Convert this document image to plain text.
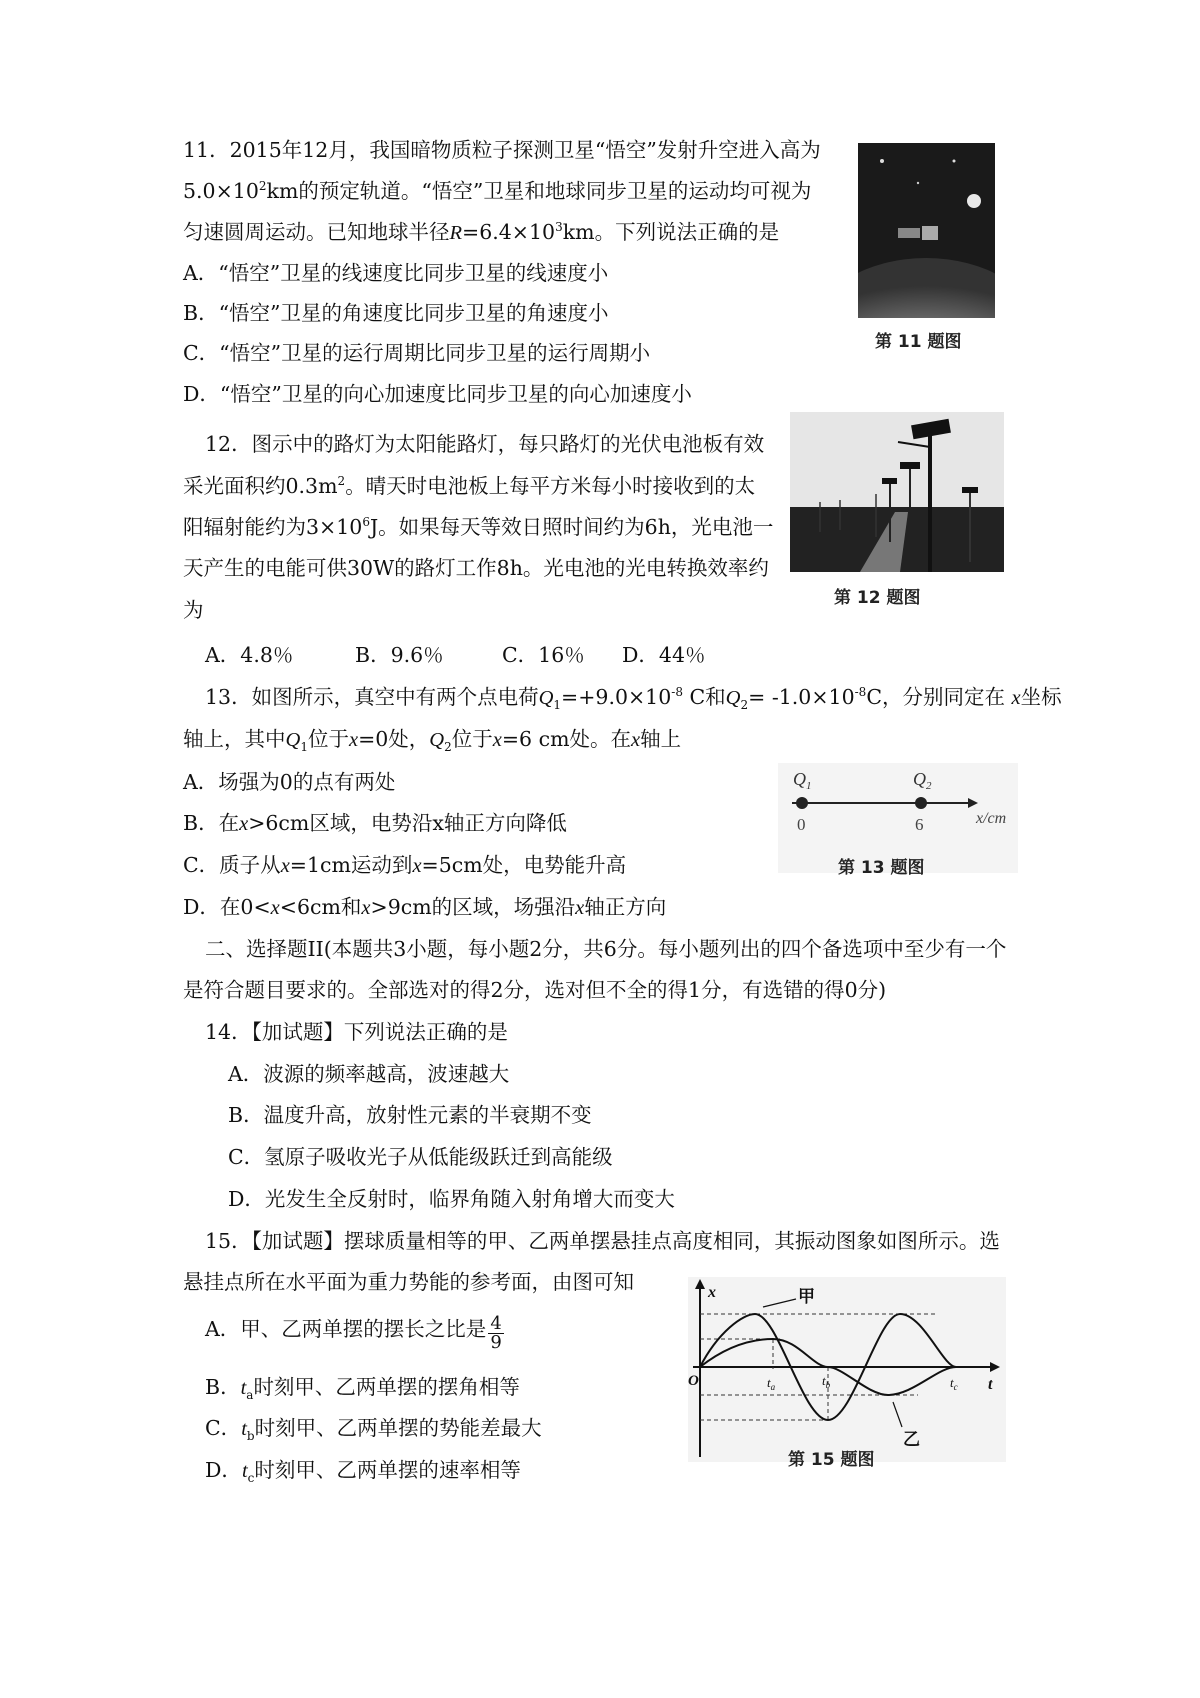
11．2015年12月，我国暗物质粒子探测卫星“悟空”发射升空进入高为
$5.0\times 10^2km$的预定轨道。“悟空”卫星和地球同步卫星的运动均可视为
匀速圆周运动。已知地球半径$R=6.4\times 10^3km$。下列说法正确的是
A．“悟空”卫星的线速度比同步卫星的线速度小
B．“悟空”卫星的角速度比同步卫星的角速度小
C．“悟空”卫星的运行周期比同步卫星的运行周期小
D．“悟空”卫星的向心加速度比同步卫星的向心加速度小
第 11 题图
12．图示中的路灯为太阳能路灯，每只路灯的光伏电池板有效
采光面积约$0.3m^2$。晴天时电池板上每平方米每小时接收到的太
阳辐射能约为$3\times 10^6J$。如果每天等效日照时间约为6h，光电池一
天产生的电能可供30W的路灯工作8h。光电池的光电转换效率约
为
A．4.8％	B．9.6％	C．16％ D．44％
第 12 题图
13．如图所示，真空中有两个点电荷$Q_1=+9.0\times 10^{-8}$ C和$Q_2= -1.0\times 10^{-8}C$，分别同定在 x坐标
轴上，其中$Q_1$位于x=0处，$Q_2$位于x=6 cm处。在x轴上
A．场强为0的点有两处
B．在x>6cm区域，电势沿x轴正方向降低
C．质子从x=1cm运动到x=5cm处，电势能升高
D．在0<x<6cm和x>9cm的区域，场强沿x轴正方向
$Q_1$	$Q_2$
0	6	x/cm
第 13 题图
二、选择题II(本题共3小题，每小题2分，共6分。每小题列出的四个备选项中至少有一个
是符合题目要求的。全部选对的得2分，选对但不全的得1分，有选错的得0分)
14．【加试题】下列说法正确的是
A．波源的频率越高，波速越大
B．温度升高，放射性元素的半衰期不变
C．氢原子吸收光子从低能级跃迁到高能级
D．光发生全反射时，临界角随入射角增大而变大
15．【加试题】摆球质量相等的甲、乙两单摆悬挂点高度相同，其振动图象如图所示。选
悬挂点所在水平面为重力势能的参考面，由图可知
A．甲、乙两单摆的摆长之比是 $\frac{4}{9}$
B．$t_a$时刻甲、乙两单摆的摆角相等
C．$t_b$时刻甲、乙两单摆的势能差最大
D．$t_c$时刻甲、乙两单摆的速率相等
甲
乙
x
t
O	$t_a$	$t_b$	$t_c$
第 15 题图
